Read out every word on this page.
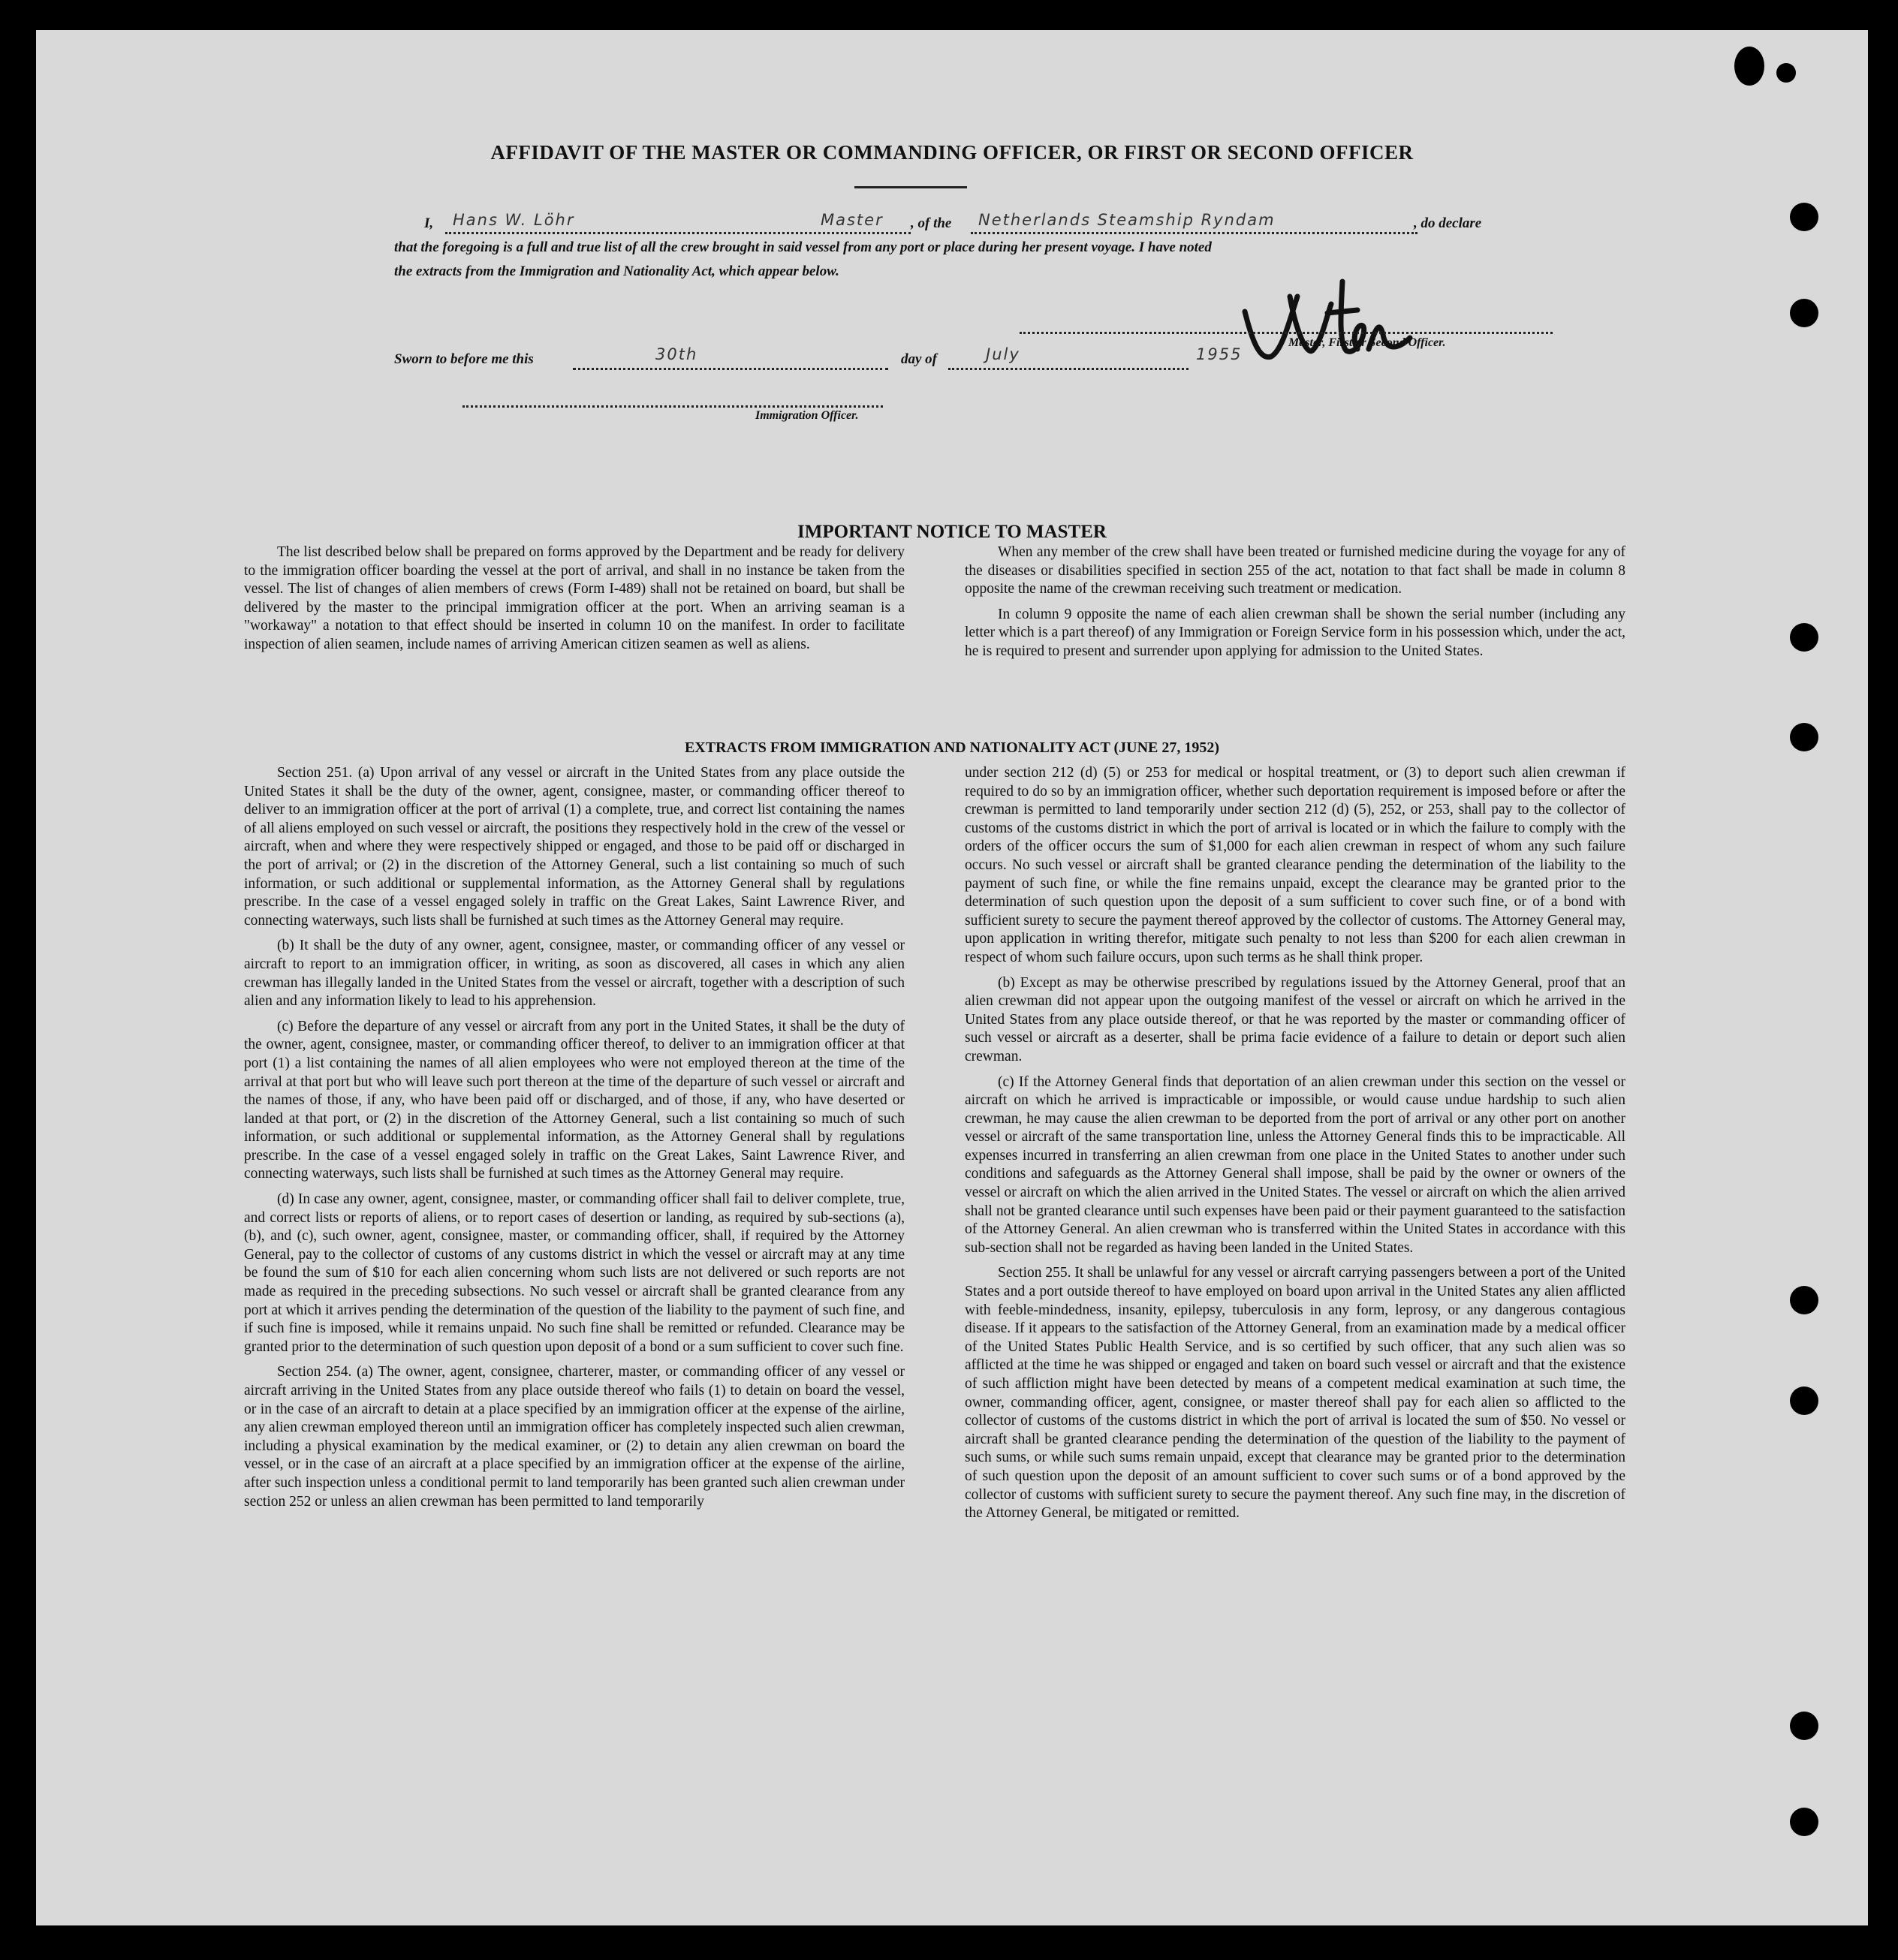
AFFIDAVIT OF THE MASTER OR COMMANDING OFFICER, OR FIRST OR SECOND OFFICER
I, Hans W. Löhr	Master , of the Netherlands Steamship Ryndam	, do declare
that the foregoing is a full and true list of all the crew brought in said vessel from any port or place during her present voyage. I have noted
the extracts from the Immigration and Nationality Act, which appear below.
Master, First or Second Officer.
Sworn to before me this	30th	day of	July	1955
Immigration Officer.
IMPORTANT NOTICE TO MASTER

The list described below shall be prepared on forms approved by the Department and be ready for delivery to the immigration officer boarding the vessel at the port of arrival, and shall in no instance be taken from the vessel. The list of changes of alien members of crews (Form I-489) shall not be retained on board, but shall be delivered by the master to the principal immigration officer at the port. When an arriving seaman is a "workaway" a notation to that effect should be inserted in column 10 on the manifest. In order to facilitate inspection of alien seamen, include names of arriving American citizen seamen as well as aliens.

When any member of the crew shall have been treated or furnished medicine during the voyage for any of the diseases or disabilities specified in section 255 of the act, notation to that fact shall be made in column 8 opposite the name of the crewman receiving such treatment or medication.

In column 9 opposite the name of each alien crewman shall be shown the serial number (including any letter which is a part thereof) of any Immigration or Foreign Service form in his possession which, under the act, he is required to present and surrender upon applying for admission to the United States.

EXTRACTS FROM IMMIGRATION AND NATIONALITY ACT (JUNE 27, 1952)

Section 251. (a) Upon arrival of any vessel or aircraft in the United States from any place outside the United States it shall be the duty of the owner, agent, consignee, master, or commanding officer thereof to deliver to an immigration officer at the port of arrival (1) a complete, true, and correct list containing the names of all aliens employed on such vessel or aircraft, the positions they respectively hold in the crew of the vessel or aircraft, when and where they were respectively shipped or engaged, and those to be paid off or discharged in the port of arrival; or (2) in the discretion of the Attorney General, such a list containing so much of such information, or such additional or supplemental information, as the Attorney General shall by regulations prescribe. In the case of a vessel engaged solely in traffic on the Great Lakes, Saint Lawrence River, and connecting waterways, such lists shall be furnished at such times as the Attorney General may require.

(b) It shall be the duty of any owner, agent, consignee, master, or commanding officer of any vessel or aircraft to report to an immigration officer, in writing, as soon as discovered, all cases in which any alien crewman has illegally landed in the United States from the vessel or aircraft, together with a description of such alien and any information likely to lead to his apprehension.

(c) Before the departure of any vessel or aircraft from any port in the United States, it shall be the duty of the owner, agent, consignee, master, or commanding officer thereof, to deliver to an immigration officer at that port (1) a list containing the names of all alien employees who were not employed thereon at the time of the arrival at that port but who will leave such port thereon at the time of the departure of such vessel or aircraft and the names of those, if any, who have been paid off or discharged, and of those, if any, who have deserted or landed at that port, or (2) in the discretion of the Attorney General, such a list containing so much of such information, or such additional or supplemental information, as the Attorney General shall by regulations prescribe. In the case of a vessel engaged solely in traffic on the Great Lakes, Saint Lawrence River, and connecting waterways, such lists shall be furnished at such times as the Attorney General may require.

(d) In case any owner, agent, consignee, master, or commanding officer shall fail to deliver complete, true, and correct lists or reports of aliens, or to report cases of desertion or landing, as required by sub-sections (a), (b), and (c), such owner, agent, consignee, master, or commanding officer, shall, if required by the Attorney General, pay to the collector of customs of any customs district in which the vessel or aircraft may at any time be found the sum of $10 for each alien concerning whom such lists are not delivered or such reports are not made as required in the preceding subsections. No such vessel or aircraft shall be granted clearance from any port at which it arrives pending the determination of the question of the liability to the payment of such fine, and if such fine is imposed, while it remains unpaid. No such fine shall be remitted or refunded. Clearance may be granted prior to the determination of such question upon deposit of a bond or a sum sufficient to cover such fine.

Section 254. (a) The owner, agent, consignee, charterer, master, or commanding officer of any vessel or aircraft arriving in the United States from any place outside thereof who fails (1) to detain on board the vessel, or in the case of an aircraft to detain at a place specified by an immigration officer at the expense of the airline, any alien crewman employed thereon until an immigration officer has completely inspected such alien crewman, including a physical examination by the medical examiner, or (2) to detain any alien crewman on board the vessel, or in the case of an aircraft at a place specified by an immigration officer at the expense of the airline, after such inspection unless a conditional permit to land temporarily has been granted such alien crewman under section 252 or unless an alien crewman has been permitted to land temporarily

under section 212 (d) (5) or 253 for medical or hospital treatment, or (3) to deport such alien crewman if required to do so by an immigration officer, whether such deportation requirement is imposed before or after the crewman is permitted to land temporarily under section 212 (d) (5), 252, or 253, shall pay to the collector of customs of the customs district in which the port of arrival is located or in which the failure to comply with the orders of the officer occurs the sum of $1,000 for each alien crewman in respect of whom any such failure occurs. No such vessel or aircraft shall be granted clearance pending the determination of the liability to the payment of such fine, or while the fine remains unpaid, except the clearance may be granted prior to the determination of such question upon the deposit of a sum sufficient to cover such fine, or of a bond with sufficient surety to secure the payment thereof approved by the collector of customs. The Attorney General may, upon application in writing therefor, mitigate such penalty to not less than $200 for each alien crewman in respect of whom such failure occurs, upon such terms as he shall think proper.

(b) Except as may be otherwise prescribed by regulations issued by the Attorney General, proof that an alien crewman did not appear upon the outgoing manifest of the vessel or aircraft on which he arrived in the United States from any place outside thereof, or that he was reported by the master or commanding officer of such vessel or aircraft as a deserter, shall be prima facie evidence of a failure to detain or deport such alien crewman.

(c) If the Attorney General finds that deportation of an alien crewman under this section on the vessel or aircraft on which he arrived is impracticable or impossible, or would cause undue hardship to such alien crewman, he may cause the alien crewman to be deported from the port of arrival or any other port on another vessel or aircraft of the same transportation line, unless the Attorney General finds this to be impracticable. All expenses incurred in transferring an alien crewman from one place in the United States to another under such conditions and safeguards as the Attorney General shall impose, shall be paid by the owner or owners of the vessel or aircraft on which the alien arrived in the United States. The vessel or aircraft on which the alien arrived shall not be granted clearance until such expenses have been paid or their payment guaranteed to the satisfaction of the Attorney General. An alien crewman who is transferred within the United States in accordance with this sub-section shall not be regarded as having been landed in the United States.

Section 255. It shall be unlawful for any vessel or aircraft carrying passengers between a port of the United States and a port outside thereof to have employed on board upon arrival in the United States any alien afflicted with feeble-mindedness, insanity, epilepsy, tuberculosis in any form, leprosy, or any dangerous contagious disease. If it appears to the satisfaction of the Attorney General, from an examination made by a medical officer of the United States Public Health Service, and is so certified by such officer, that any such alien was so afflicted at the time he was shipped or engaged and taken on board such vessel or aircraft and that the existence of such affliction might have been detected by means of a competent medical examination at such time, the owner, commanding officer, agent, consignee, or master thereof shall pay for each alien so afflicted to the collector of customs of the customs district in which the port of arrival is located the sum of $50. No vessel or aircraft shall be granted clearance pending the determination of the question of the liability to the payment of such sums, or while such sums remain unpaid, except that clearance may be granted prior to the determination of such question upon the deposit of an amount sufficient to cover such sums or of a bond approved by the collector of customs with sufficient surety to secure the payment thereof. Any such fine may, in the discretion of the Attorney General, be mitigated or remitted.
